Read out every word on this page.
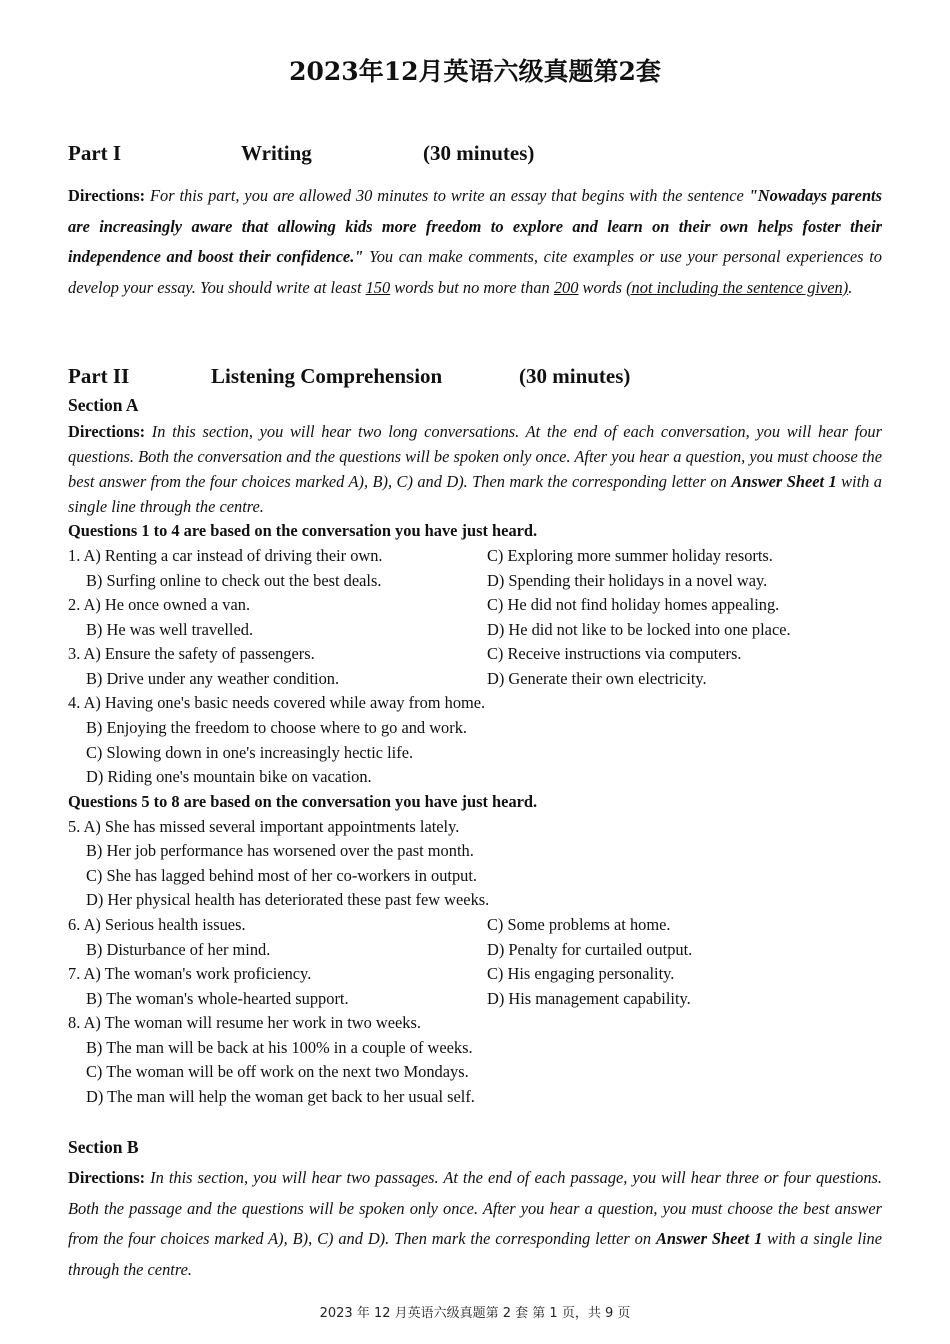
2023年12月英语六级真题第2套
Part I	Writing	(30 minutes)
Directions: For this part, you are allowed 30 minutes to write an essay that begins with the sentence "Nowadays parents are increasingly aware that allowing kids more freedom to explore and learn on their own helps foster their independence and boost their confidence." You can make comments, cite examples or use your personal experiences to develop your essay. You should write at least 150 words but no more than 200 words (not including the sentence given).
Part II	Listening Comprehension	(30 minutes)
Section A
Directions: In this section, you will hear two long conversations. At the end of each conversation, you will hear four questions. Both the conversation and the questions will be spoken only once. After you hear a question, you must choose the best answer from the four choices marked A), B), C) and D). Then mark the corresponding letter on Answer Sheet 1 with a single line through the centre.
Questions 1 to 4 are based on the conversation you have just heard.
1. A) Renting a car instead of driving their own.	C) Exploring more summer holiday resorts.
B) Surfing online to check out the best deals.	D) Spending their holidays in a novel way.
2. A) He once owned a van.	C) He did not find holiday homes appealing.
B) He was well travelled.	D) He did not like to be locked into one place.
3. A) Ensure the safety of passengers.	C) Receive instructions via computers.
B) Drive under any weather condition.	D) Generate their own electricity.
4. A) Having one's basic needs covered while away from home.
B) Enjoying the freedom to choose where to go and work.
C) Slowing down in one's increasingly hectic life.
D) Riding one's mountain bike on vacation.
Questions 5 to 8 are based on the conversation you have just heard.
5. A) She has missed several important appointments lately.
B) Her job performance has worsened over the past month.
C) She has lagged behind most of her co-workers in output.
D) Her physical health has deteriorated these past few weeks.
6. A) Serious health issues.	C) Some problems at home.
B) Disturbance of her mind.	D) Penalty for curtailed output.
7. A) The woman's work proficiency.	C) His engaging personality.
B) The woman's whole-hearted support.	D) His management capability.
8. A) The woman will resume her work in two weeks.
B) The man will be back at his 100% in a couple of weeks.
C) The woman will be off work on the next two Mondays.
D) The man will help the woman get back to her usual self.
Section B
Directions: In this section, you will hear two passages. At the end of each passage, you will hear three or four questions. Both the passage and the questions will be spoken only once. After you hear a question, you must choose the best answer from the four choices marked A), B), C) and D). Then mark the corresponding letter on Answer Sheet 1 with a single line through the centre.
2023 年 12 月英语六级真题第 2 套 第 1 页，共 9 页
